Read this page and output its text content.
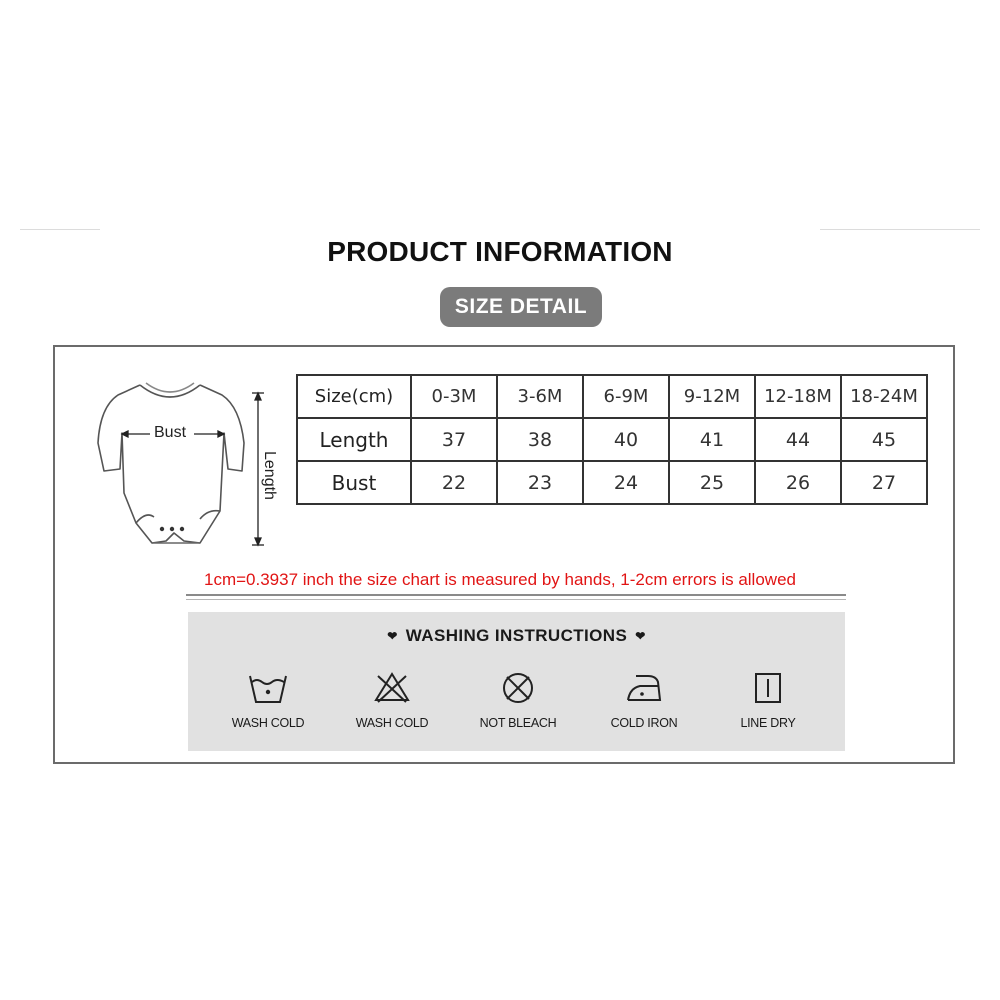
PRODUCT INFORMATION
SIZE DETAIL
Bust
Length
Size(cm)	0-3M	3-6M	6-9M	9-12M	12-18M	18-24M
Length	37	38	40	41	44	45
Bust	22	23	24	25	26	27
1cm=0.3937 inch the size chart is measured by hands, 1-2cm errors is allowed
❤ WASHING INSTRUCTIONS ❤
WASH COLD	WASH COLD	NOT BLEACH	COLD IRON	LINE DRY
